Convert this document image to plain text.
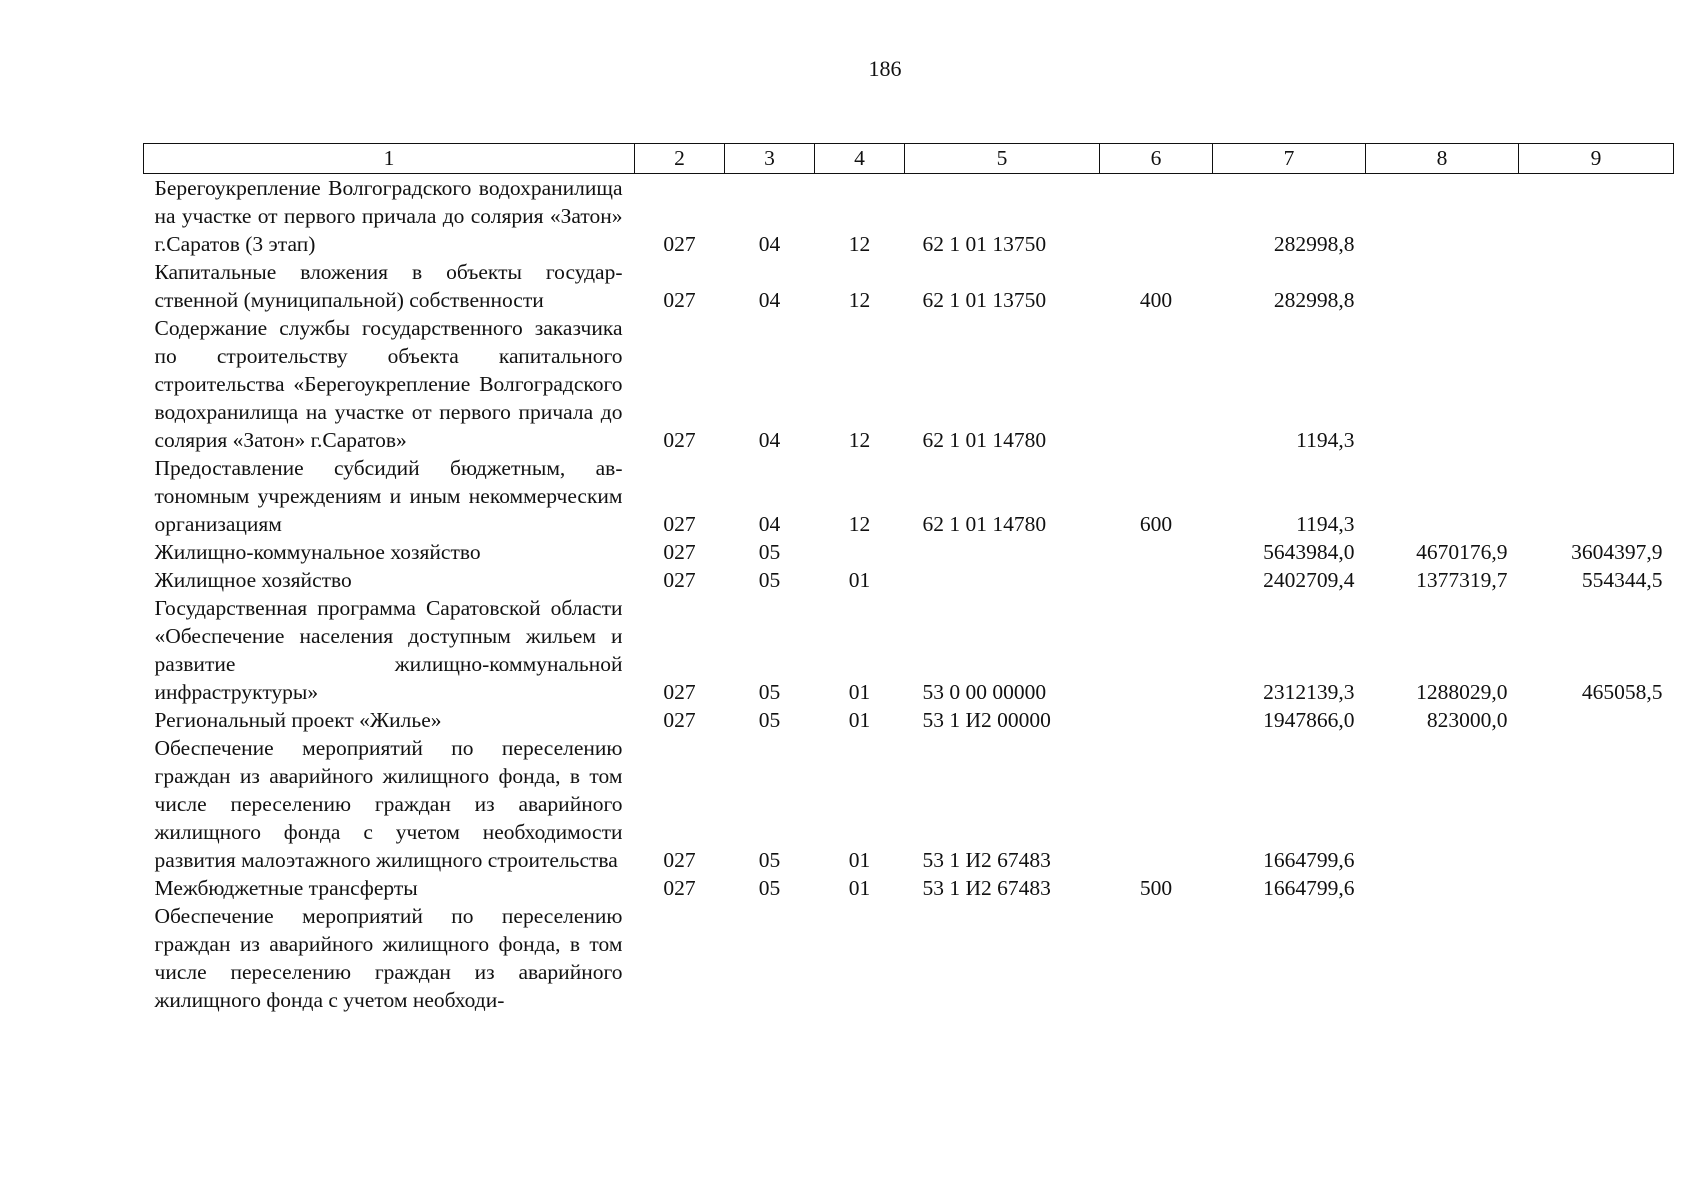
186
1	2	3	4	5	6	7	8	9
Берегоукрепление Волгоградского водохранилища на участке от первого причала до солярия «Затон» г.Саратов (3 этап)	027	04	12	62 1 01 13750		282998,8		
Капитальные вложения в объекты государственной (муниципальной) собственности	027	04	12	62 1 01 13750	400	282998,8		
Содержание службы государственного заказчика по строительству объекта капитального строительства «Берегоукрепление Волгоградского водохранилища на участке от первого причала до солярия «Затон» г.Саратов»	027	04	12	62 1 01 14780		1194,3		
Предоставление субсидий бюджетным, автономным учреждениям и иным некоммерческим организациям	027	04	12	62 1 01 14780	600	1194,3		
Жилищно-коммунальное хозяйство	027	05				5643984,0	4670176,9	3604397,9
Жилищное хозяйство	027	05	01			2402709,4	1377319,7	554344,5
Государственная программа Саратовской области «Обеспечение населения доступным жильем и развитие жилищно-коммунальной инфраструктуры»	027	05	01	53 0 00 00000		2312139,3	1288029,0	465058,5
Региональный проект «Жилье»	027	05	01	53 1 И2 00000		1947866,0	823000,0	
Обеспечение мероприятий по переселению граждан из аварийного жилищного фонда, в том числе переселению граждан из аварийного жилищного фонда с учетом необходимости развития малоэтажного жилищного строительства	027	05	01	53 1 И2 67483		1664799,6		
Межбюджетные трансферты	027	05	01	53 1 И2 67483	500	1664799,6		
Обеспечение мероприятий по переселению граждан из аварийного жилищного фонда, в том числе переселению граждан из аварийного жилищного фонда с учетом необходи-								
